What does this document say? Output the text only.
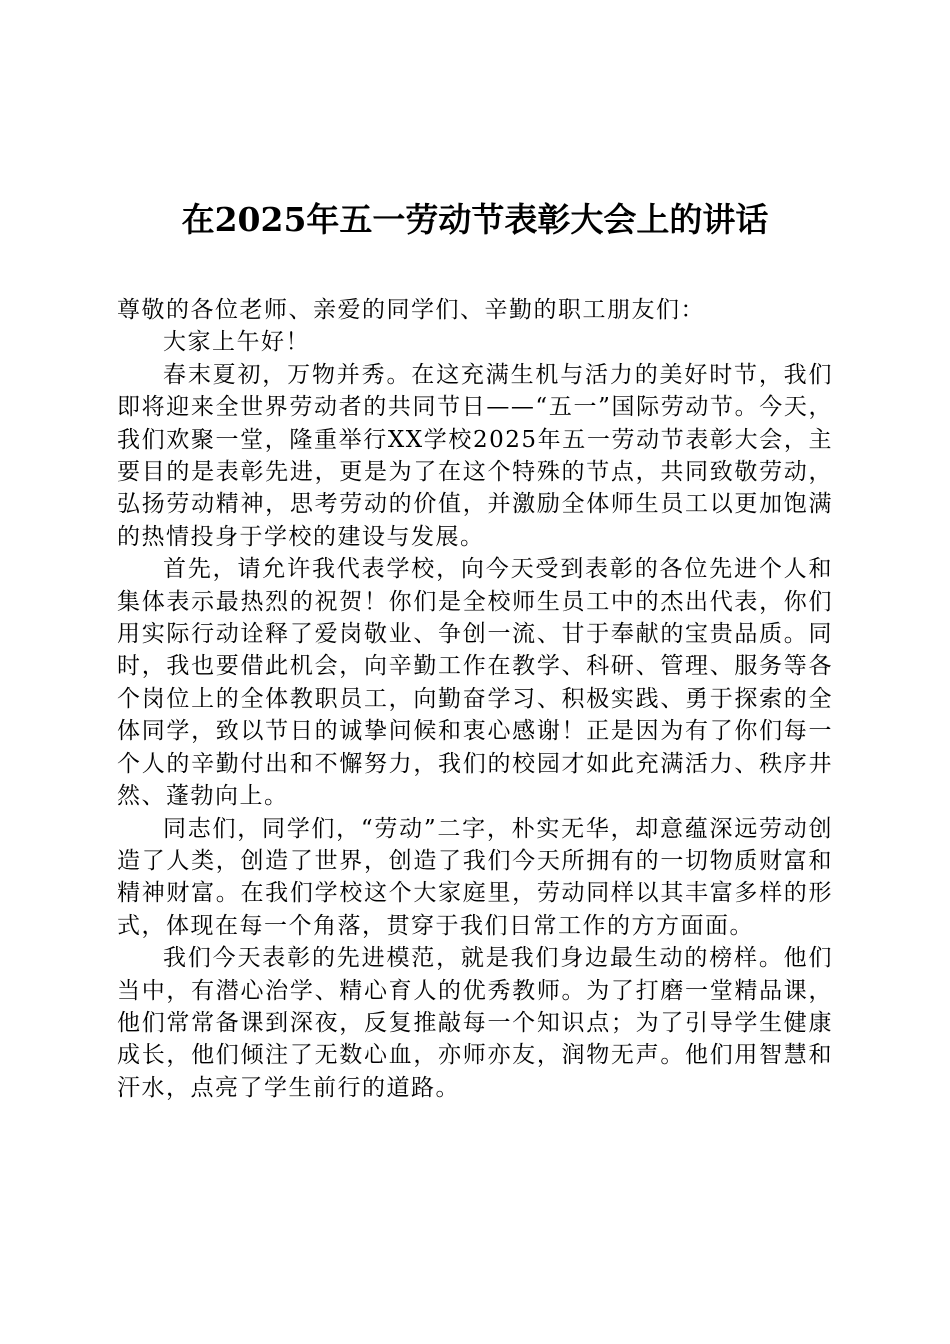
在2025年五一劳动节表彰大会上的讲话

尊敬的各位老师、亲爱的同学们、辛勤的职工朋友们：

大家上午好！

春末夏初，万物并秀。在这充满生机与活力的美好时节，我们即将迎来全世界劳动者的共同节日——“五一”国际劳动节。今天，我们欢聚一堂，隆重举行XX学校2025年五一劳动节表彰大会，主要目的是表彰先进，更是为了在这个特殊的节点，共同致敬劳动，弘扬劳动精神，思考劳动的价值，并激励全体师生员工以更加饱满的热情投身于学校的建设与发展。

首先，请允许我代表学校，向今天受到表彰的各位先进个人和集体表示最热烈的祝贺！你们是全校师生员工中的杰出代表，你们用实际行动诠释了爱岗敬业、争创一流、甘于奉献的宝贵品质。同时，我也要借此机会，向辛勤工作在教学、科研、管理、服务等各个岗位上的全体教职员工，向勤奋学习、积极实践、勇于探索的全体同学，致以节日的诚挚问候和衷心感谢！正是因为有了你们每一个人的辛勤付出和不懈努力，我们的校园才如此充满活力、秩序井然、蓬勃向上。

同志们，同学们，“劳动”二字，朴实无华，却意蕴深远劳动创造了人类，创造了世界，创造了我们今天所拥有的一切物质财富和精神财富。在我们学校这个大家庭里，劳动同样以其丰富多样的形式，体现在每一个角落，贯穿于我们日常工作的方方面面。

我们今天表彰的先进模范，就是我们身边最生动的榜样。他们当中，有潜心治学、精心育人的优秀教师。为了打磨一堂精品课，他们常常备课到深夜，反复推敲每一个知识点；为了引导学生健康成长，他们倾注了无数心血，亦师亦友，润物无声。他们用智慧和汗水，点亮了学生前行的道路。
